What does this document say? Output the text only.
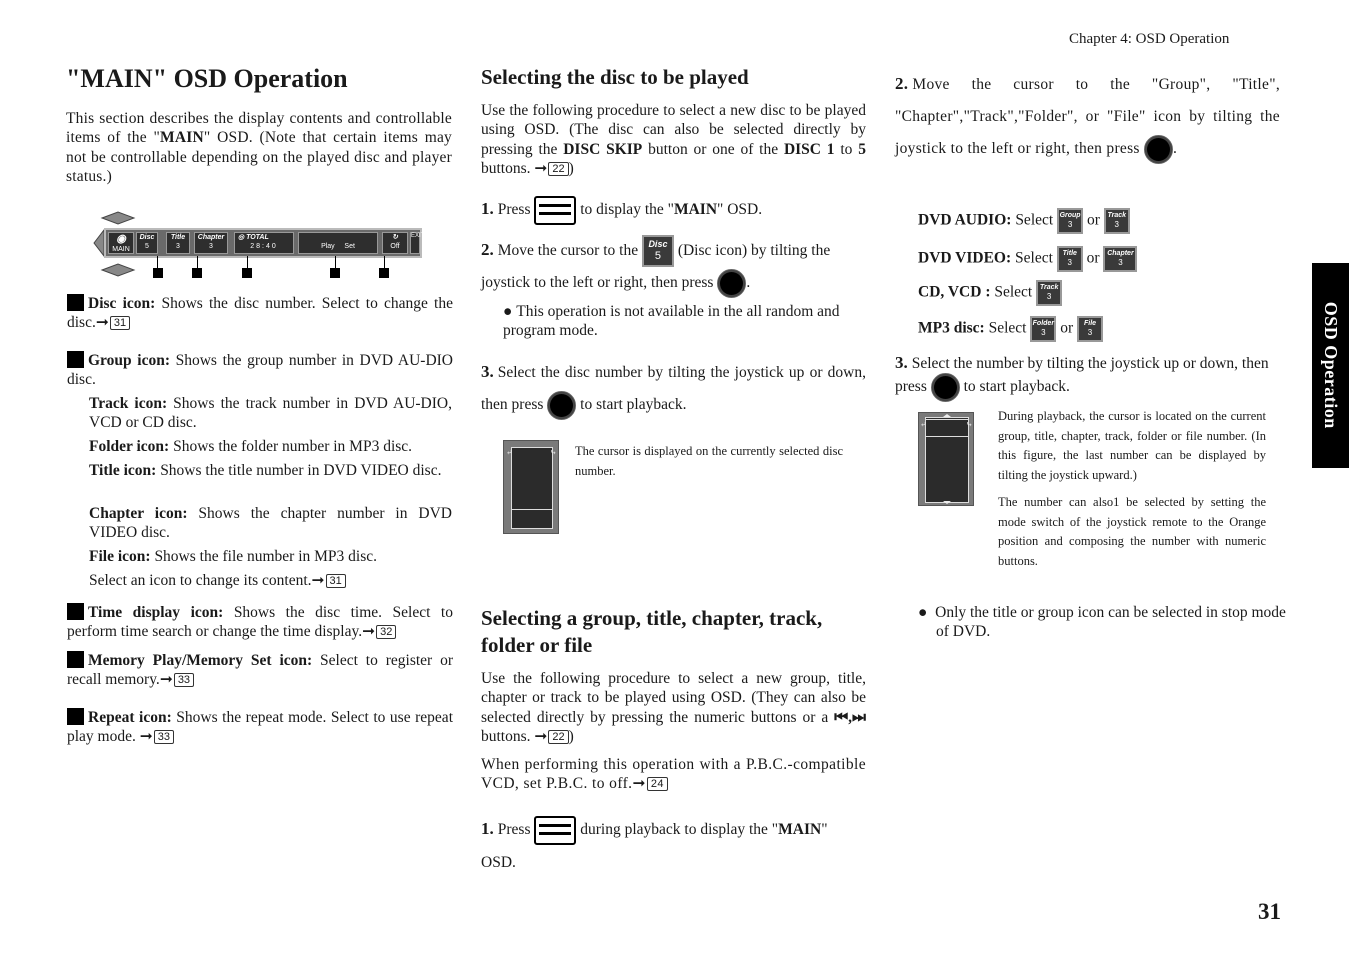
Chapter 4: OSD Operation
31
OSD Operation
"MAIN" OSD Operation

This section describes the display contents and controllable items of the "MAIN" OSD. (Note that certain items may not be controllable depending on the played disc and player status.)

◉
MAIN
Disc
5
Title
3
Chapter
3
◎ TOTAL
28:40
	Play Set
↻
Off
EXIT

Disc icon: Shows the disc number. Select to change the disc.➞ 31

Group icon: Shows the group number in DVD AU-DIO disc.

Track icon: Shows the track number in DVD AU-DIO, VCD or CD disc.

Folder icon: Shows the folder number in MP3 disc.

Title icon: Shows the title number in DVD VIDEO disc.

Chapter icon: Shows the chapter number in DVD VIDEO disc.

File icon: Shows the file number in MP3 disc.

Select an icon to change its content.➞ 31

Time display icon: Shows the disc time. Select to perform time search or change the time display.➞ 32

Memory Play/Memory Set icon: Select to register or recall memory.➞ 33

Repeat icon: Shows the repeat mode. Select to use repeat play mode. ➞ 33

Selecting the disc to be played

Use the following procedure to select a new disc to be played using OSD. (The disc can also be selected directly by pressing the DISC SKIP button or one of the DISC 1 to 5 buttons. ➞ 22 )

1. Press	to display the "MAIN" OSD.

2. Move the cursor to the Disc
5 (Disc icon) by tilting the joystick to the left or right, then press .

● This operation is not available in the all random and program mode.

3. Select the disc number by tilting the joystick up or down, then press  to start playback.

⤶	⤷ The cursor is displayed on the currently selected disc number.

Selecting a group, title, chapter, track, folder or file

Use the following procedure to select a new group, title, chapter or track to be played using OSD. (They can also be selected directly by pressing the numeric buttons or a ⏮,⏭ buttons. ➞ 22 )

When performing this operation with a P.B.C.-compatible VCD, set P.B.C. to off.➞ 24

1. Press	during playback to display the "MAIN" OSD.

2. Move the cursor to the "Group", "Title", "Chapter","Track","Folder", or "File" icon by tilting the joystick to the left or right, then press .

DVD AUDIO: Select Group
3 or Track
3

DVD VIDEO: Select Title
3 or Chapter
3

CD, VCD : Select Track
3

MP3 disc: Select Folder
3 or File
3

3. Select the number by tilting the joystick up or down, then press  to start playback.

⤶	⤷

During playback, the cursor is located on the current group, title, chapter, track, folder or file number. (In this figure, the last number can be displayed by tilting the joystick upward.)

The number can also1 be selected by setting the mode switch of the joystick remote to the Orange position and composing the number with numeric buttons.

● Only the title or group icon can be selected in stop mode of DVD.
